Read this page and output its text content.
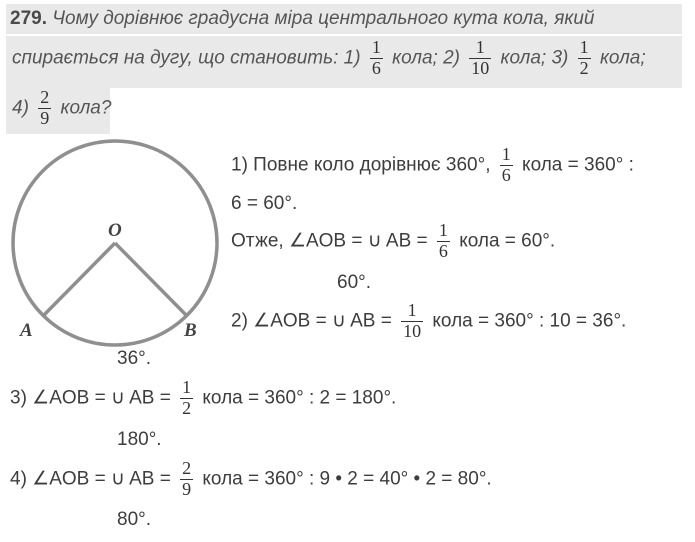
279. Чому дорівнює градусна міра центрального кута кола, який
спирається на дугу, що становить: $1) \frac{1}{6}$ кола; $2) \frac{1}{10}$ кола; $3) \frac{1}{2}$ кола;
$4) \frac{2}{9}$ кола?
O
A	B
36°.
1) Повне коло дорівнює 360°, $\frac{1}{6}$ кола = 360° :
6 = 60°.
Отже, ∠AOB = ∪ AB = $\frac{1}{6}$ кола = 60°.
60°.
2) ∠AOB = ∪ AB = $\frac{1}{10}$ кола = 360° : 10 = 36°.
3) ∠AOB = ∪ AB = $\frac{1}{2}$ кола = 360° : 2 = 180°.
180°.
4) ∠AOB = ∪ AB = $\frac{2}{9}$ кола = 360° : 9 • 2 = 40° • 2 = 80°.
80°.
